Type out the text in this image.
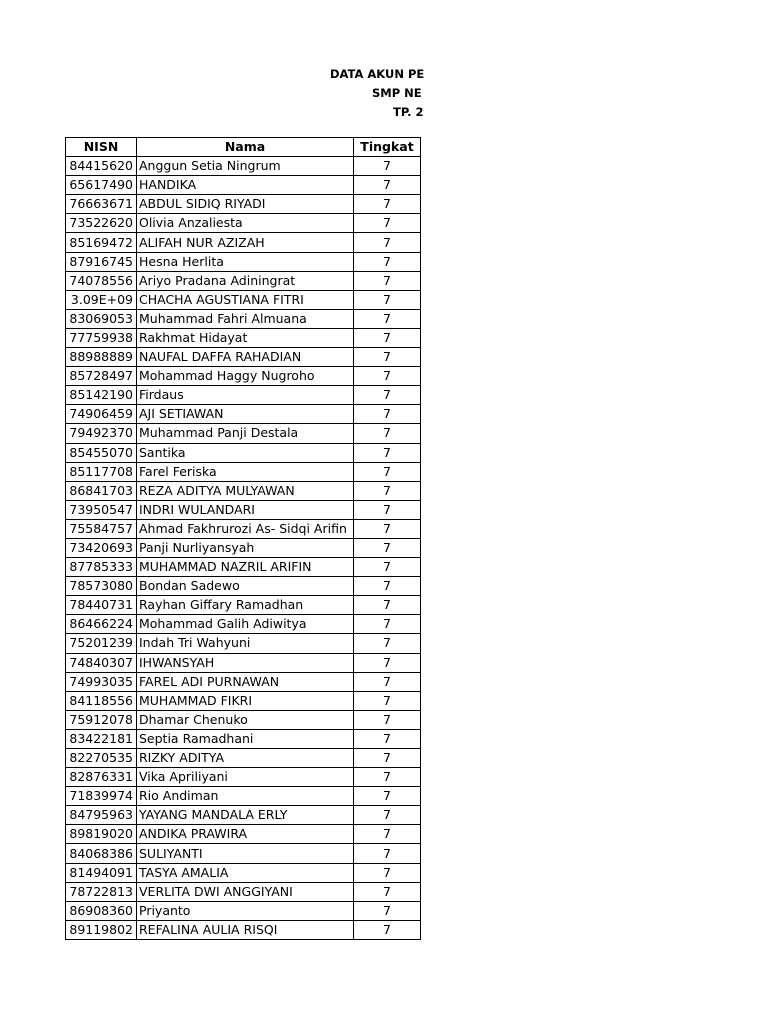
DATA AKUN PE
SMP NE
TP. 2
NISN	Nama	Tingkat
84415620	Anggun Setia Ningrum	7
65617490	HANDIKA	7
76663671	ABDUL SIDIQ RIYADI	7
73522620	Olivia Anzaliesta	7
85169472	ALIFAH NUR AZIZAH	7
87916745	Hesna Herlita	7
74078556	Ariyo Pradana Adiningrat	7
3.09E+09	CHACHA AGUSTIANA FITRI	7
83069053	Muhammad Fahri Almuana	7
77759938	Rakhmat Hidayat	7
88988889	NAUFAL DAFFA RAHADIAN	7
85728497	Mohammad Haggy Nugroho	7
85142190	Firdaus	7
74906459	AJI SETIAWAN	7
79492370	Muhammad Panji Destala	7
85455070	Santika	7
85117708	Farel Feriska	7
86841703	REZA ADITYA MULYAWAN	7
73950547	INDRI WULANDARI	7
75584757	Ahmad Fakhrurozi As- Sidqi Arifin	7
73420693	Panji Nurliyansyah	7
87785333	MUHAMMAD NAZRIL ARIFIN	7
78573080	Bondan Sadewo	7
78440731	Rayhan Giffary Ramadhan	7
86466224	Mohammad Galih Adiwitya	7
75201239	Indah Tri Wahyuni	7
74840307	IHWANSYAH	7
74993035	FAREL ADI PURNAWAN	7
84118556	MUHAMMAD FIKRI	7
75912078	Dhamar Chenuko	7
83422181	Septia Ramadhani	7
82270535	RIZKY ADITYA	7
82876331	Vika Apriliyani	7
71839974	Rio Andiman	7
84795963	YAYANG MANDALA ERLY	7
89819020	ANDIKA PRAWIRA	7
84068386	SULIYANTI	7
81494091	TASYA AMALIA	7
78722813	VERLITA DWI ANGGIYANI	7
86908360	Priyanto	7
89119802	REFALINA AULIA RISQI	7
